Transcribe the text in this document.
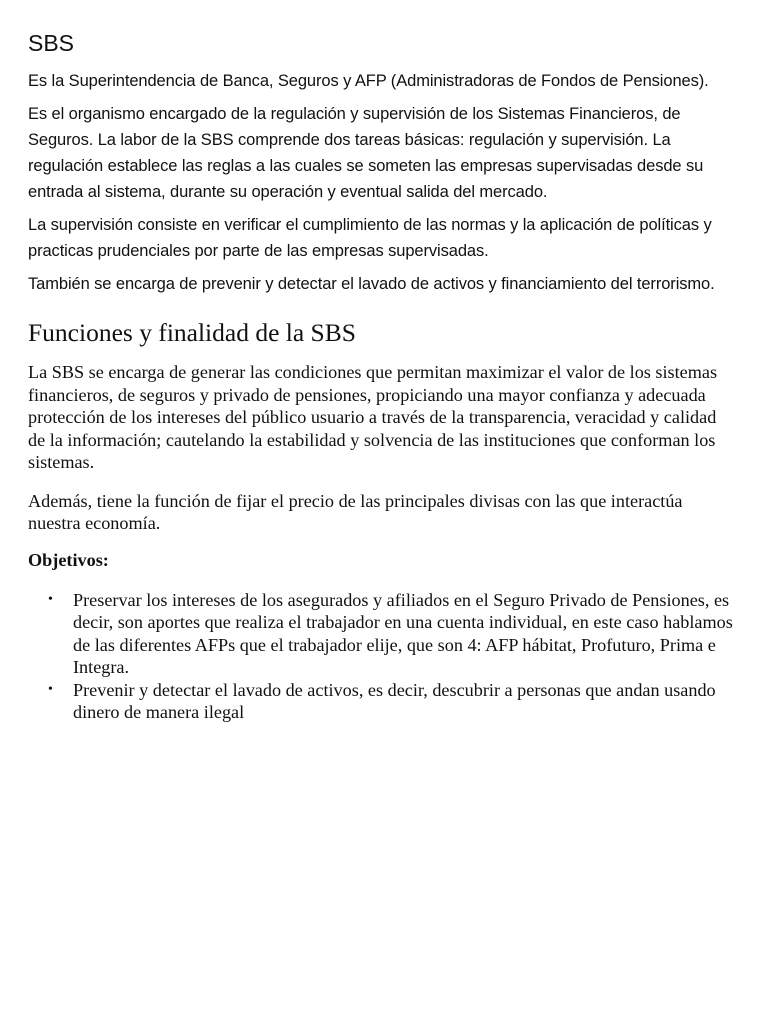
SBS

Es la Superintendencia de Banca, Seguros y AFP (Administradoras de Fondos de Pensiones).

Es el organismo encargado de la regulación y supervisión de los Sistemas Financieros, de Seguros. La labor de la SBS comprende dos tareas básicas: regulación y supervisión. La regulación establece las reglas a las cuales se someten las empresas supervisadas desde su entrada al sistema, durante su operación y eventual salida del mercado.

La supervisión consiste en verificar el cumplimiento de las normas y la aplicación de políticas y practicas prudenciales por parte de las empresas supervisadas.

También se encarga de prevenir y detectar el lavado de activos y financiamiento del terrorismo.

Funciones y finalidad de la SBS

La SBS se encarga de generar las condiciones que permitan maximizar el valor de los sistemas financieros, de seguros y privado de pensiones, propiciando una mayor confianza y adecuada protección de los intereses del público usuario a través de la transparencia, veracidad y calidad de la información; cautelando la estabilidad y solvencia de las instituciones que conforman los sistemas.

Además, tiene la función de fijar el precio de las principales divisas con las que interactúa nuestra economía.

Objetivos:
• Preservar los intereses de los asegurados y afiliados en el Seguro Privado de Pensiones, es decir, son aportes que realiza el trabajador en una cuenta individual, en este caso hablamos de las diferentes AFPs que el trabajador elije, que son 4: AFP hábitat, Profuturo, Prima e Integra.
• Prevenir y detectar el lavado de activos, es decir, descubrir a personas que andan usando dinero de manera ilegal
